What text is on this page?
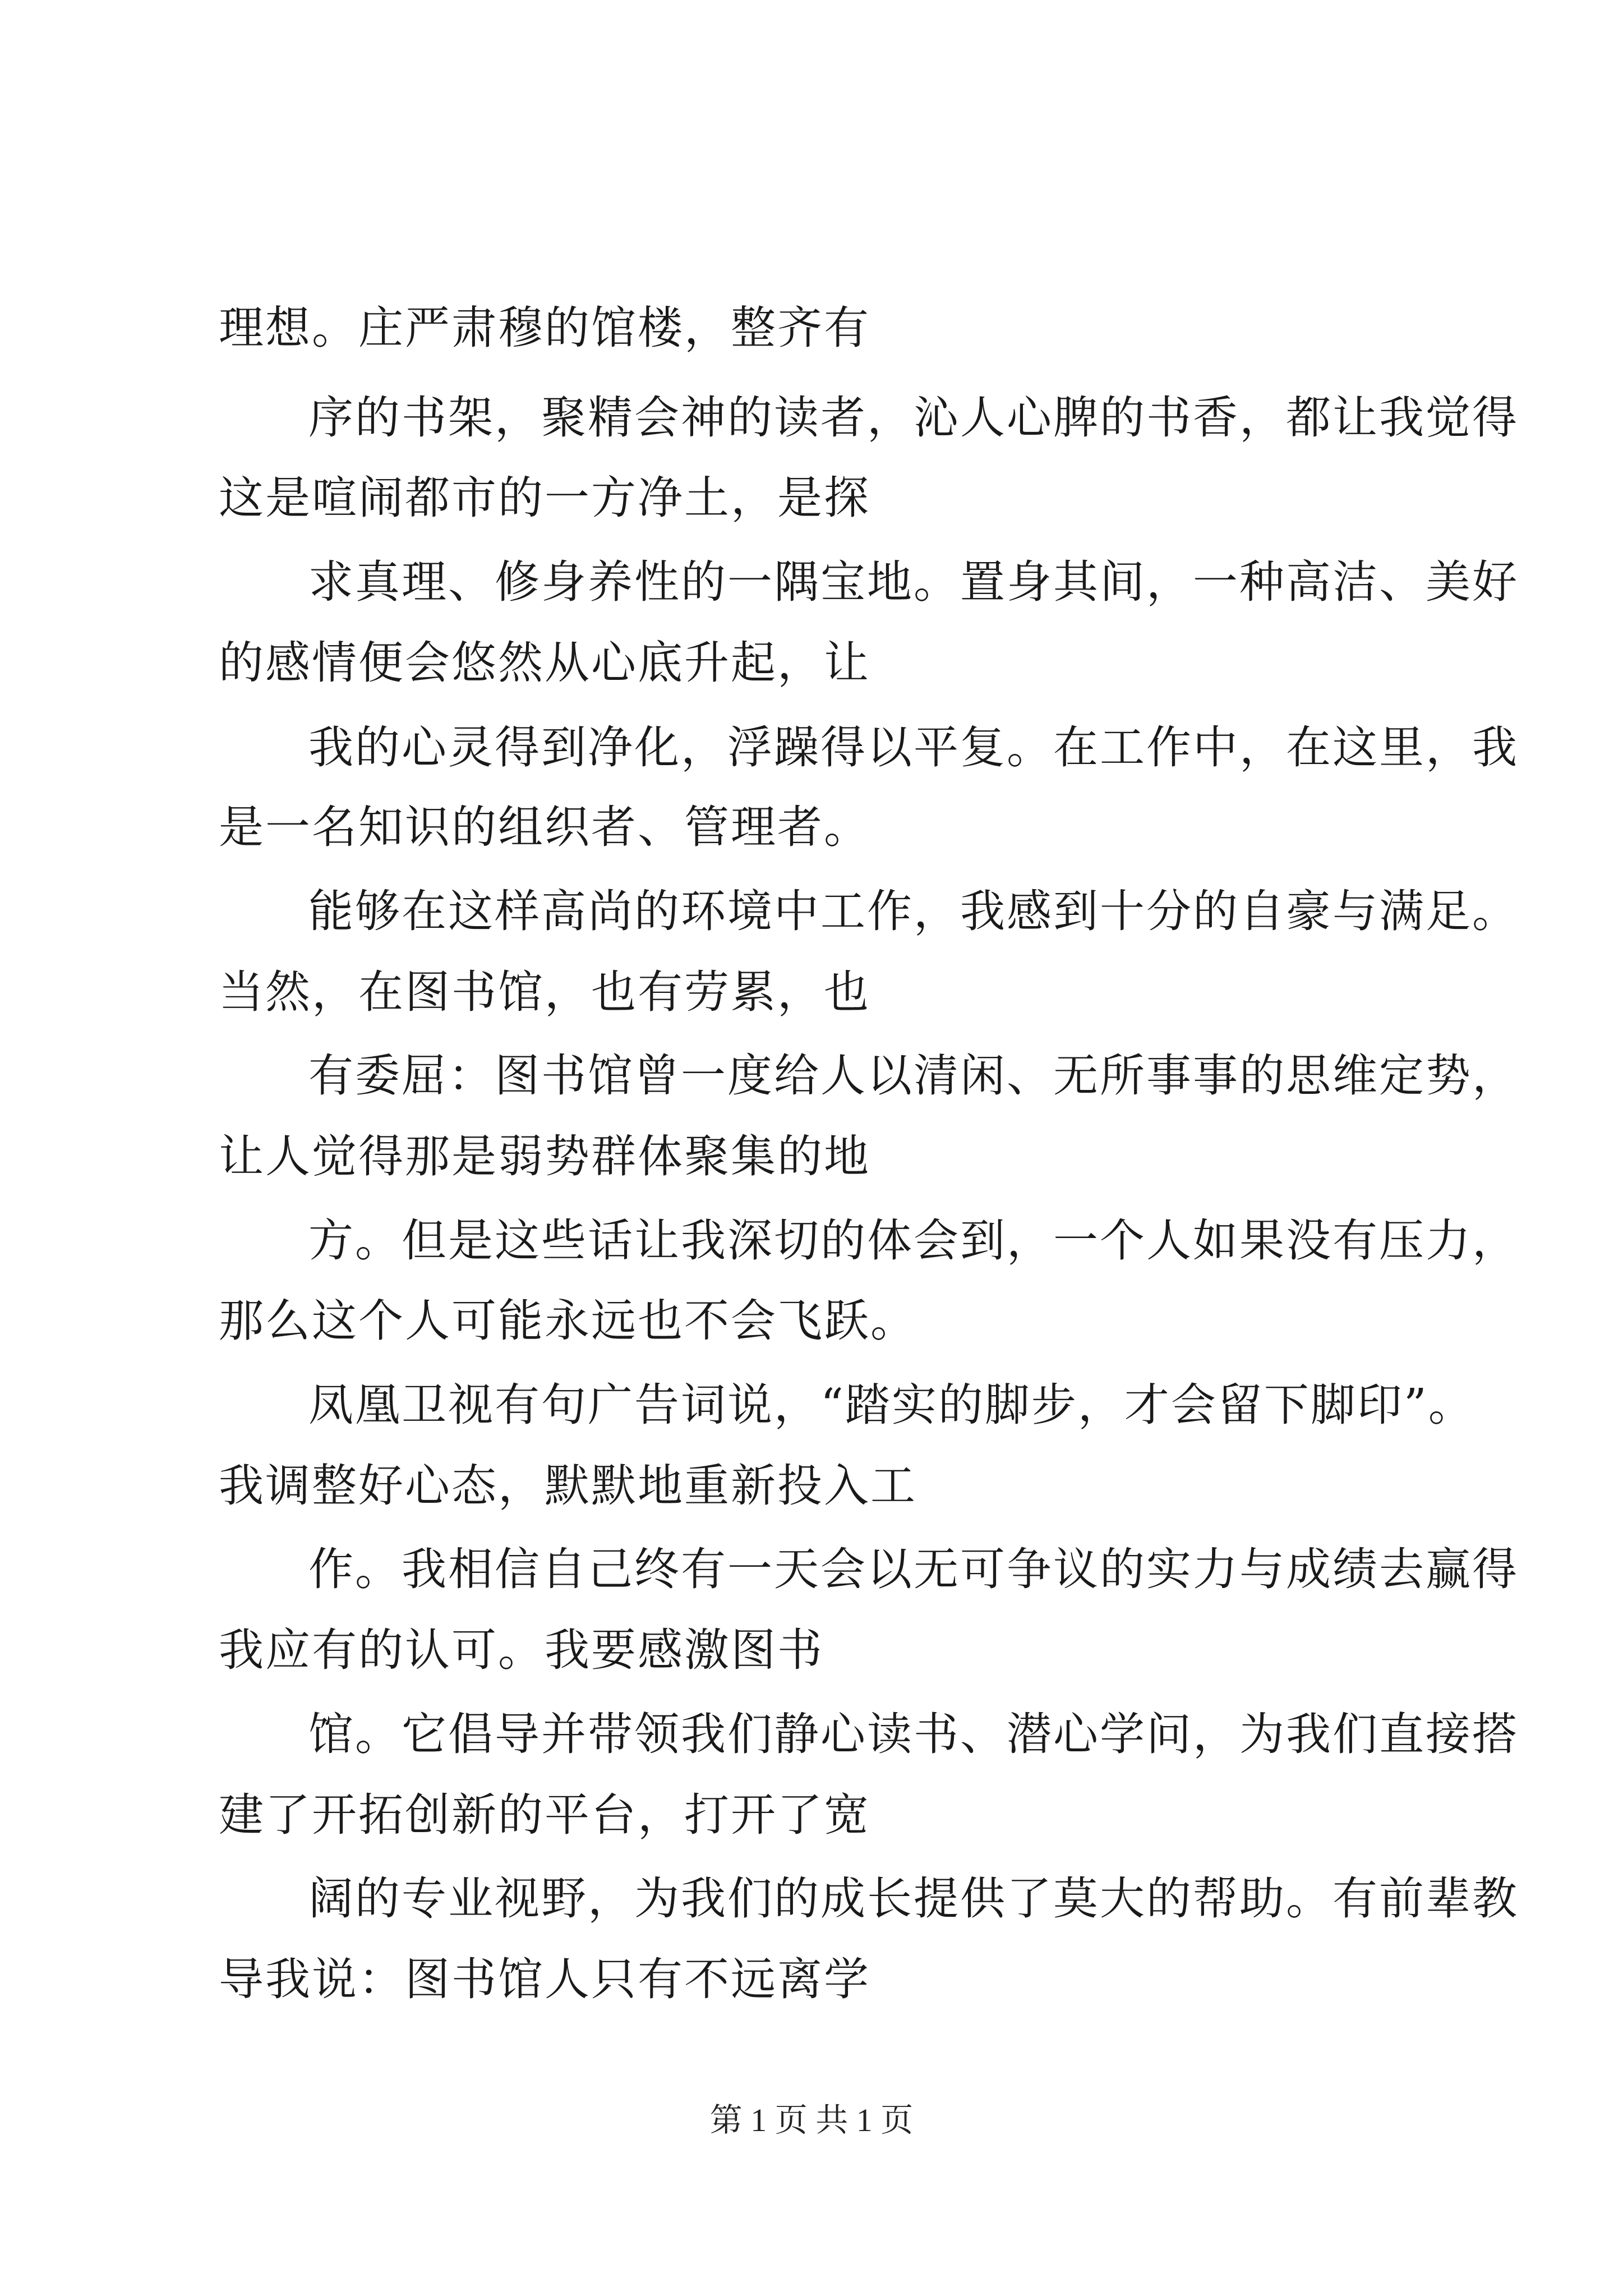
理想。庄严肃穆的馆楼，整齐有
序的书架，聚精会神的读者，沁人心脾的书香，都让我觉得
这是喧闹都市的一方净土，是探
求真理、修身养性的一隅宝地。置身其间，一种高洁、美好
的感情便会悠然从心底升起，让
我的心灵得到净化，浮躁得以平复。在工作中，在这里，我
是一名知识的组织者、管理者。
能够在这样高尚的环境中工作，我感到十分的自豪与满足。
当然，在图书馆，也有劳累，也
有委屈：图书馆曾一度给人以清闲、无所事事的思维定势，
让人觉得那是弱势群体聚集的地
方。但是这些话让我深切的体会到，一个人如果没有压力，
那么这个人可能永远也不会飞跃。
凤凰卫视有句广告词说，“踏实的脚步，才会留下脚印”。
我调整好心态，默默地重新投入工
作。我相信自己终有一天会以无可争议的实力与成绩去赢得
我应有的认可。我要感激图书
馆。它倡导并带领我们静心读书、潜心学问，为我们直接搭
建了开拓创新的平台，打开了宽
阔的专业视野，为我们的成长提供了莫大的帮助。有前辈教
导我说：图书馆人只有不远离学
第 1 页 共 1 页
